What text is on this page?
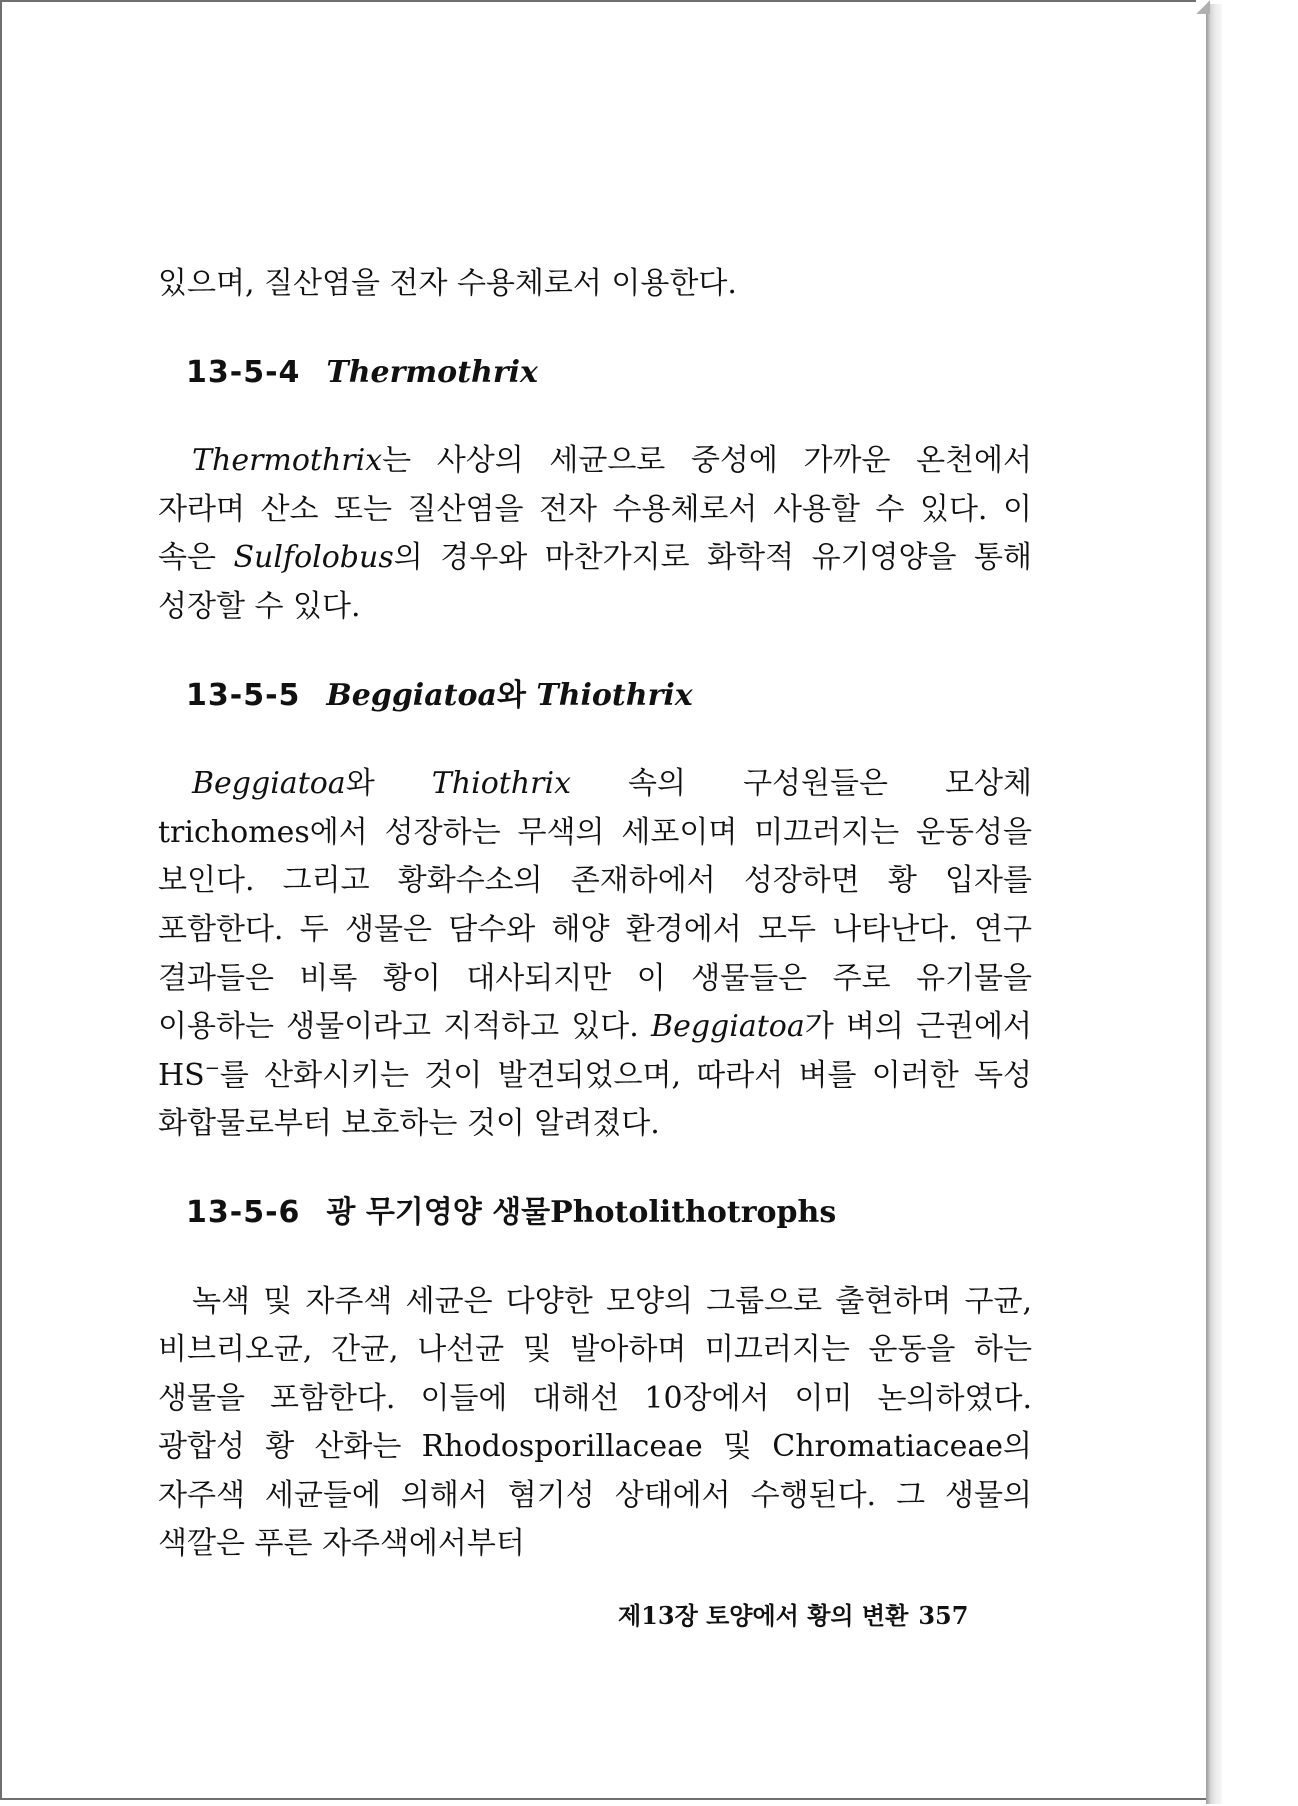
있으며, 질산염을 전자 수용체로서 이용한다.

13-5-4 Thermothrix

Thermothrix는 사상의 세균으로 중성에 가까운 온천에서 자라며 산소 또는 질산염을 전자 수용체로서 사용할 수 있다. 이 속은 Sulfolobus의 경우와 마찬가지로 화학적 유기영양을 통해 성장할 수 있다.

13-5-5 Beggiatoa와 Thiothrix

Beggiatoa와 Thiothrix 속의 구성원들은 모상체 trichomes에서 성장하는 무색의 세포이며 미끄러지는 운동성을 보인다. 그리고 황화수소의 존재하에서 성장하면 황 입자를 포함한다. 두 생물은 담수와 해양 환경에서 모두 나타난다. 연구 결과들은 비록 황이 대사되지만 이 생물들은 주로 유기물을 이용하는 생물이라고 지적하고 있다. Beggiatoa가 벼의 근권에서 HS−를 산화시키는 것이 발견되었으며, 따라서 벼를 이러한 독성 화합물로부터 보호하는 것이 알려졌다.

13-5-6 광 무기영양 생물Photolithotrophs

녹색 및 자주색 세균은 다양한 모양의 그룹으로 출현하며 구균, 비브리오균, 간균, 나선균 및 발아하며 미끄러지는 운동을 하는 생물을 포함한다. 이들에 대해선 10장에서 이미 논의하였다. 광합성 황 산화는 Rhodosporillaceae 및 Chromatiaceae의 자주색 세균들에 의해서 혐기성 상태에서 수행된다. 그 생물의 색깔은 푸른 자주색에서부터

제13장 토양에서 황의 변환 357
